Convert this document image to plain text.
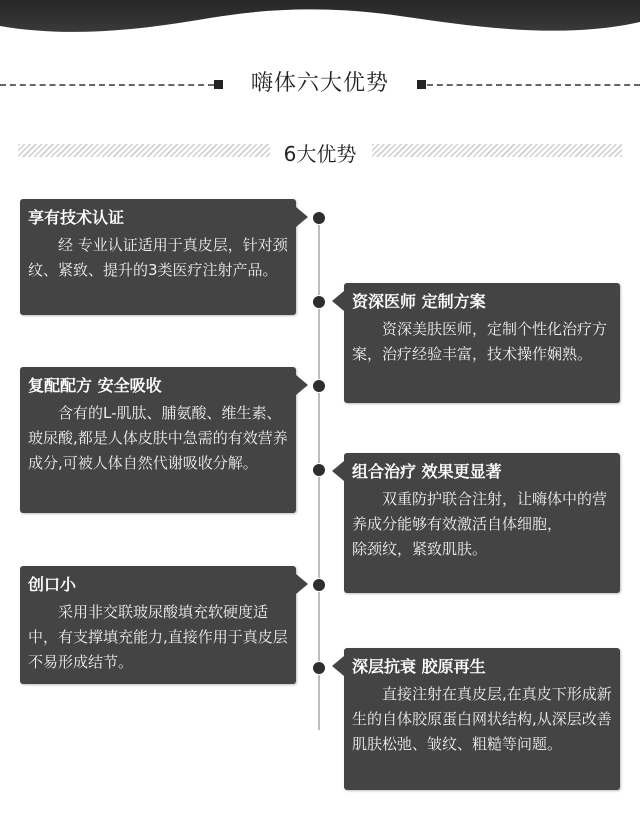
嗨体六大优势
6大优势
享有技术认证
经 专业认证适用于真皮层，针对颈纹、紧致、提升的3类医疗注射产品。
资深医师 定制方案
资深美肤医师，定制个性化治疗方案，治疗经验丰富，技术操作娴熟。
复配配方 安全吸收
含有的L-肌肽、脯氨酸、维生素、玻尿酸,都是人体皮肤中急需的有效营养成分,可被人体自然代谢吸收分解。	组合治疗 效果更显著
双重防护联合注射，让嗨体中的营养成分能够有效激活自体细胞，　　　　　除颈纹，紧致肌肤。
创口小
采用非交联玻尿酸填充软硬度适中，有支撑填充能力,直接作用于真皮层不易形成结节。	深层抗衰 胶原再生
直接注射在真皮层,在真皮下形成新生的自体胶原蛋白网状结构,从深层改善肌肤松弛、皱纹、粗糙等问题。
